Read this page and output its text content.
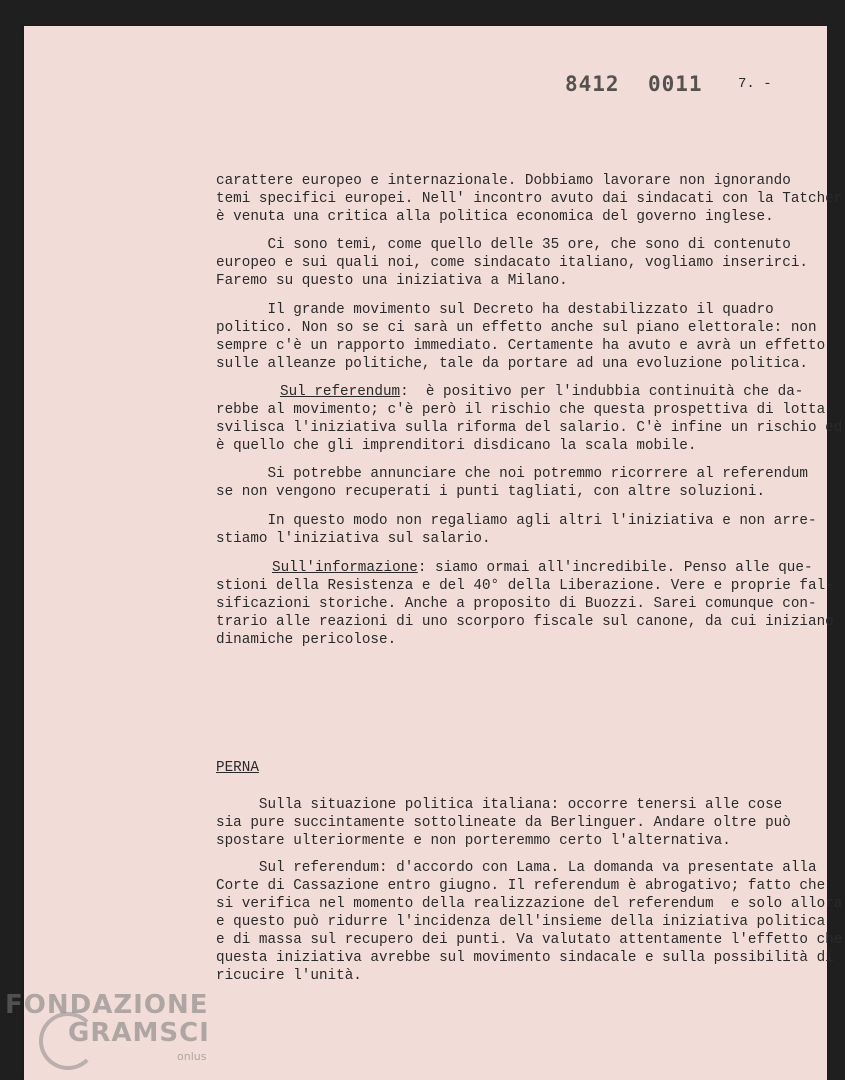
8412 0011	7. -
carattere europeo e internazionale. Dobbiamo lavorare non ignorando
temi specifici europei. Nell' incontro avuto dai sindacati con la Tatcher
è venuta una critica alla politica economica del governo inglese.
Ci sono temi, come quello delle 35 ore, che sono di contenuto
europeo e sui quali noi, come sindacato italiano, vogliamo inserirci.
Faremo su questo una iniziativa a Milano.
Il grande movimento sul Decreto ha destabilizzato il quadro
politico. Non so se ci sarà un effetto anche sul piano elettorale: non
sempre c'è un rapporto immediato. Certamente ha avuto e avrà un effetto
sulle alleanze politiche, tale da portare ad una evoluzione politica.
Sul referendum:  è positivo per l'indubbia continuità che da-
rebbe al movimento; c'è però il rischio che questa prospettiva di lotta
svilisca l'iniziativa sulla riforma del salario. C'è infine un rischio ed
è quello che gli imprenditori disdicano la scala mobile.
Si potrebbe annunciare che noi potremmo ricorrere al referendum
se non vengono recuperati i punti tagliati, con altre soluzioni.
In questo modo non regaliamo agli altri l'iniziativa e non arre-
stiamo l'iniziativa sul salario.
Sull'informazione: siamo ormai all'incredibile. Penso alle que-
stioni della Resistenza e del 40° della Liberazione. Vere e proprie fal-
sificazioni storiche. Anche a proposito di Buozzi. Sarei comunque con-
trario alle reazioni di uno scorporo fiscale sul canone, da cui iniziano
dinamiche pericolose.
PERNA
Sulla situazione politica italiana: occorre tenersi alle cose
sia pure succintamente sottolineate da Berlinguer. Andare oltre può
spostare ulteriormente e non porteremmo certo l'alternativa.
Sul referendum: d'accordo con Lama. La domanda va presentate alla
Corte di Cassazione entro giugno. Il referendum è abrogativo; fatto che
si verifica nel momento della realizzazione del referendum  e solo allora
e questo può ridurre l'incidenza dell'insieme della iniziativa politica
e di massa sul recupero dei punti. Va valutato attentamente l'effetto che
questa iniziativa avrebbe sul movimento sindacale e sulla possibilità di
ricucire l'unità.
FONDAZIONE
GRAMSCI
onlus
